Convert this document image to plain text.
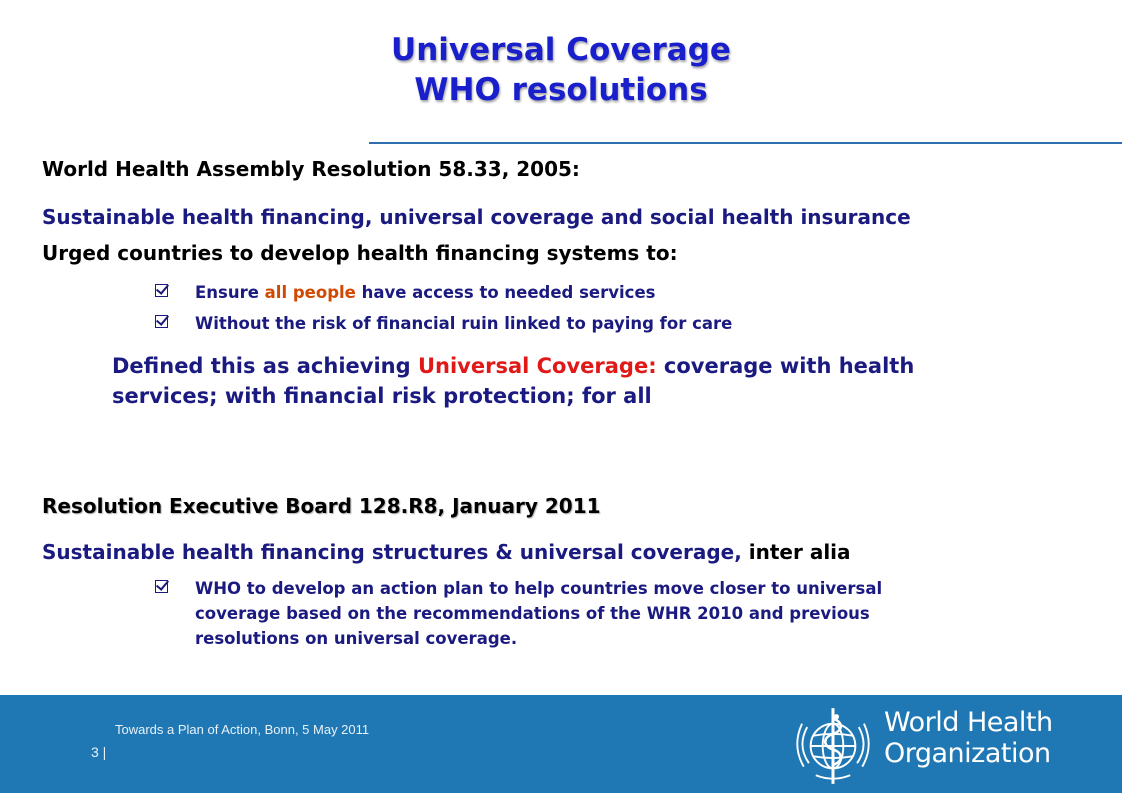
Universal Coverage
WHO resolutions
World Health Assembly Resolution 58.33, 2005:
Sustainable health financing, universal coverage and social health insurance
Urged countries to develop health financing systems to:
Ensure all people have access to needed services
Without the risk of financial ruin linked to paying for care
Defined this as achieving Universal Coverage: coverage with health
services; with financial risk protection; for all
Resolution Executive Board 128.R8, January 2011
Sustainable health financing structures & universal coverage, inter alia
WHO to develop an action plan to help countries move closer to universal
coverage based on the recommendations of the WHR 2010 and previous
resolutions on universal coverage.
Towards a Plan of Action, Bonn, 5 May 2011
3 |
World Health
Organization
